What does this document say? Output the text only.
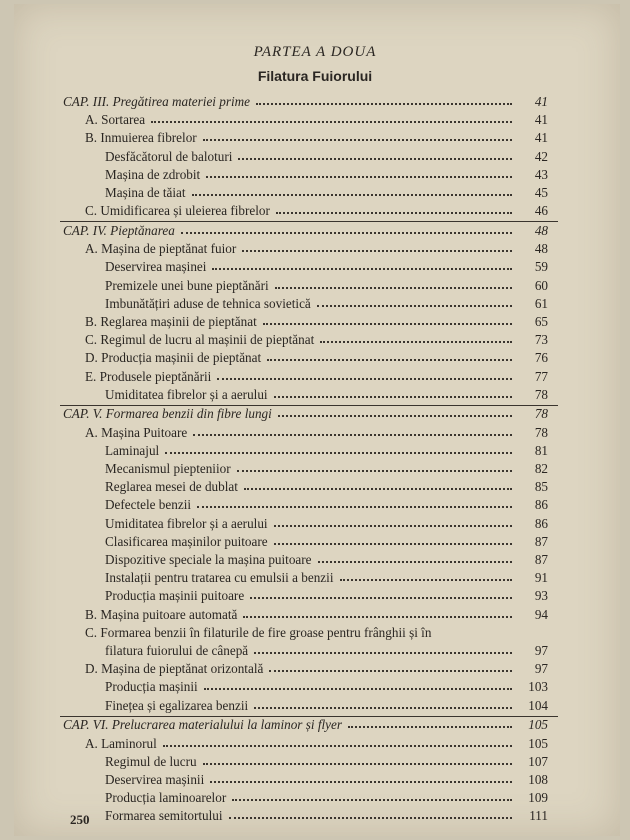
PARTEA A DOUA
Filatura Fuiorului
CAP. III. Pregătirea materiei prime	41
A. Sortarea	41
B. Inmuierea fibrelor	41
Desfăcătorul de baloturi	42
Mașina de zdrobit	43
Mașina de tăiat	45
C. Umidificarea și uleierea fibrelor	46
CAP. IV. Pieptănarea	48
A. Mașina de pieptănat fuior	48
Deservirea mașinei	59
Premizele unei bune pieptănări	60
Imbunătățiri aduse de tehnica sovietică	61
B. Reglarea mașinii de pieptănat	65
C. Regimul de lucru al mașinii de pieptănat	73
D. Producția mașinii de pieptănat	76
E. Produsele pieptănării	77
Umiditatea fibrelor și a aerului	78
CAP. V. Formarea benzii din fibre lungi	78
A. Mașina Puitoare	78
Laminajul	81
Mecanismul piepteniior	82
Reglarea mesei de dublat	85
Defectele benzii	86
Umiditatea fibrelor și a aerului	86
Clasificarea mașinilor puitoare	87
Dispozitive speciale la mașina puitoare	87
Instalații pentru tratarea cu emulsii a benzii	91
Producția mașinii puitoare	93
B. Mașina puitoare automată	94
C. Formarea benzii în filaturile de fire groase pentru frânghii și în
filatura fuiorului de cânepă	97
D. Mașina de pieptănat orizontală	97
Producția mașinii	103
Finețea și egalizarea benzii	104
CAP. VI. Prelucrarea materialului la laminor și flyer	105
A. Laminorul	105
Regimul de lucru	107
Deservirea mașinii	108
Producția laminoarelor	109
Formarea semitortului	111
250
